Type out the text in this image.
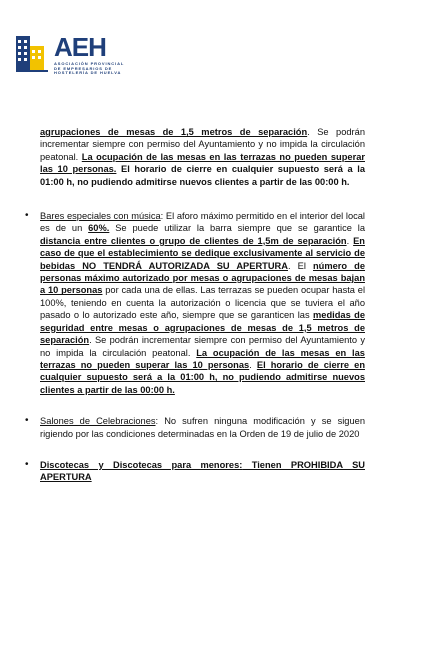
AEH
ASOCIACIÓN PROVINCIAL
DE EMPRESARIOS DE
HOSTELERÍA DE HUELVA

agrupaciones de mesas de 1,5 metros de separación. Se podrán incrementar siempre con permiso del Ayuntamiento y no impida la circulación peatonal. La ocupación de las mesas en las terrazas no pueden superar las 10 personas. El horario de cierre en cualquier supuesto será a la 01:00 h, no pudiendo admitirse nuevos clientes a partir de las 00:00 h.

• Bares especiales con música: El aforo máximo permitido en el interior del local es de un 60%. Se puede utilizar la barra siempre que se garantice la distancia entre clientes o grupo de clientes de 1,5m de separación. En caso de que el establecimiento se dedique exclusivamente al servicio de bebidas NO TENDRÁ AUTORIZADA SU APERTURA. El número de personas máximo autorizado por mesas o agrupaciones de mesas bajan a 10 personas por cada una de ellas. Las terrazas se pueden ocupar hasta el 100%, teniendo en cuenta la autorización o licencia que se tuviera el año pasado o lo autorizado este año, siempre que se garanticen las medidas de seguridad entre mesas o agrupaciones de mesas de 1,5 metros de separación. Se podrán incrementar siempre con permiso del Ayuntamiento y no impida la circulación peatonal. La ocupación de las mesas en las terrazas no pueden superar las 10 personas. El horario de cierre en cualquier supuesto será a la 01:00 h, no pudiendo admitirse nuevos clientes a partir de las 00:00 h.

• Salones de Celebraciones: No sufren ninguna modificación y se siguen rigiendo por las condiciones determinadas en la Orden de 19 de julio de 2020

• Discotecas y Discotecas para menores: Tienen PROHIBIDA SU APERTURA
